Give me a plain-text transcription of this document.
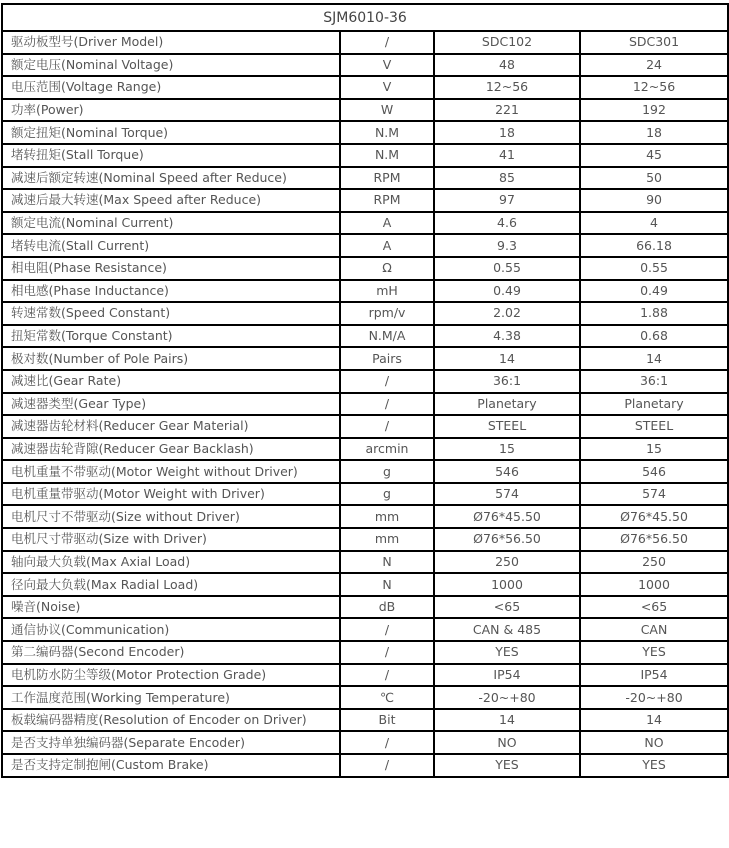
SJM6010-36			
驱动板型号(Driver Model)	/	SDC102	SDC301
额定电压(Nominal Voltage)	V	48	24
电压范围(Voltage Range)	V	12~56	12~56
功率(Power)	W	221	192
额定扭矩(Nominal Torque)	N.M	18	18
堵转扭矩(Stall Torque)	N.M	41	45
减速后额定转速(Nominal Speed after Reduce)	RPM	85	50
减速后最大转速(Max Speed after Reduce)	RPM	97	90
额定电流(Nominal Current)	A	4.6	4
堵转电流(Stall Current)	A	9.3	66.18
相电阻(Phase Resistance)	Ω	0.55	0.55
相电感(Phase Inductance)	mH	0.49	0.49
转速常数(Speed Constant)	rpm/v	2.02	1.88
扭矩常数(Torque Constant)	N.M/A	4.38	0.68
极对数(Number of Pole Pairs)	Pairs	14	14
减速比(Gear Rate)	/	36:1	36:1
减速器类型(Gear Type)	/	Planetary	Planetary
减速器齿轮材料(Reducer Gear Material)	/	STEEL	STEEL
减速器齿轮背隙(Reducer Gear Backlash)	arcmin	15	15
电机重量不带驱动(Motor Weight without Driver)	g	546	546
电机重量带驱动(Motor Weight with Driver)	g	574	574
电机尺寸不带驱动(Size without Driver)	mm	Ø76*45.50	Ø76*45.50
电机尺寸带驱动(Size with Driver)	mm	Ø76*56.50	Ø76*56.50
轴向最大负载(Max Axial Load)	N	250	250
径向最大负载(Max Radial Load)	N	1000	1000
噪音(Noise)	dB	<65	<65
通信协议(Communication)	/	CAN & 485	CAN
第二编码器(Second Encoder)	/	YES	YES
电机防水防尘等级(Motor Protection Grade)	/	IP54	IP54
工作温度范围(Working Temperature)	℃	-20~+80	-20~+80
板载编码器精度(Resolution of Encoder on Driver)	Bit	14	14
是否支持单独编码器(Separate Encoder)	/	NO	NO
是否支持定制抱闸(Custom Brake)	/	YES	YES
